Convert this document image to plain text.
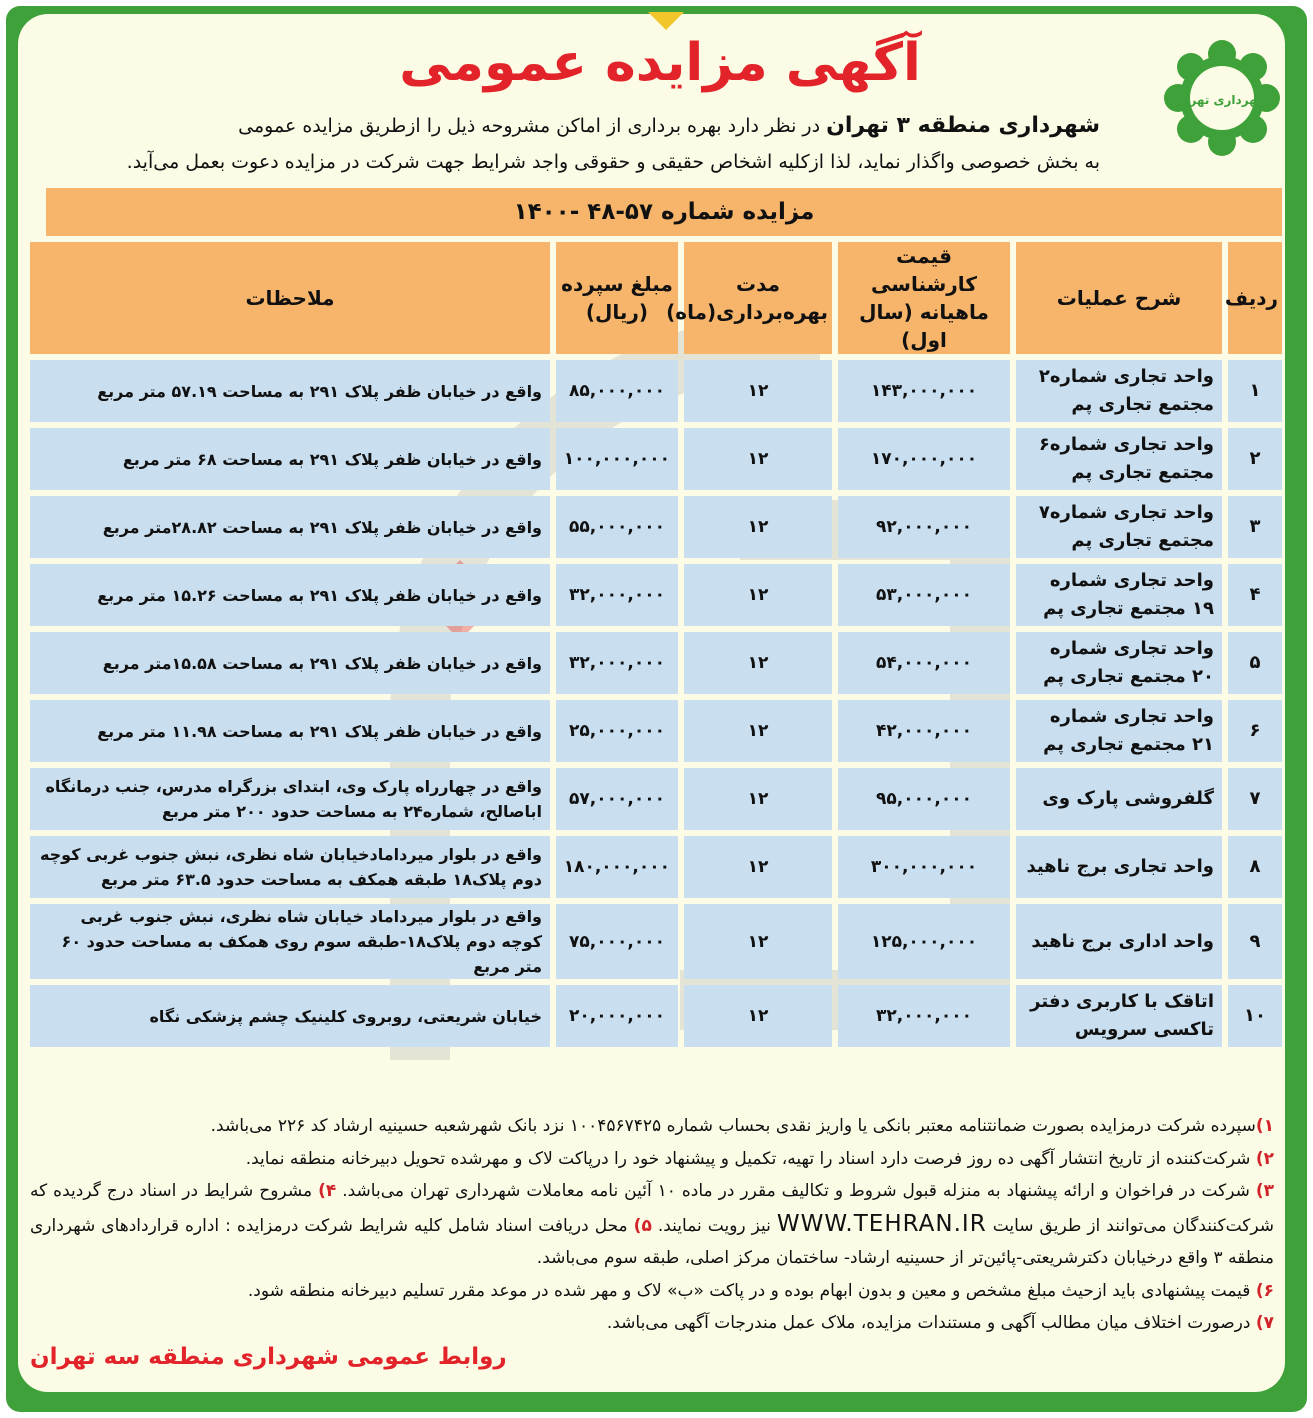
شهرداری تهران
آگهی مزایده عمومی
شهرداری منطقه ۳ تهران در نظر دارد بهره برداری از اماکن مشروحه ذیل را ازطریق مزایده عمومی
به بخش خصوصی واگذار نماید، لذا ازکلیه اشخاص حقیقی و حقوقی واجد شرایط جهت شرکت در مزایده دعوت بعمل می‌آید.
مزایده شماره ۵۷-۴۸ -۱۴۰۰
ردیف	شرح عملیات	قیمت کارشناسی ماهیانه (سال اول)	مدت بهره‌برداری(ماه)	مبلغ سپرده (ریال)	ملاحظات
۱	واحد تجاری شماره۲ مجتمع تجاری پم	۱۴۳,۰۰۰,۰۰۰	۱۲	۸۵,۰۰۰,۰۰۰	واقع در خیابان ظفر پلاک ۲۹۱ به مساحت ۵۷.۱۹ متر مربع
۲	واحد تجاری شماره۶ مجتمع تجاری پم	۱۷۰,۰۰۰,۰۰۰	۱۲	۱۰۰,۰۰۰,۰۰۰	واقع در خیابان ظفر پلاک ۲۹۱ به مساحت ۶۸ متر مربع
۳	واحد تجاری شماره۷ مجتمع تجاری پم	۹۲,۰۰۰,۰۰۰	۱۲	۵۵,۰۰۰,۰۰۰	واقع در خیابان ظفر پلاک ۲۹۱ به مساحت ۲۸.۸۲متر مربع
۴	واحد تجاری شماره ۱۹ مجتمع تجاری پم	۵۳,۰۰۰,۰۰۰	۱۲	۳۲,۰۰۰,۰۰۰	واقع در خیابان ظفر پلاک ۲۹۱ به مساحت ۱۵.۲۶ متر مربع
۵	واحد تجاری شماره ۲۰ مجتمع تجاری پم	۵۴,۰۰۰,۰۰۰	۱۲	۳۲,۰۰۰,۰۰۰	واقع در خیابان ظفر پلاک ۲۹۱ به مساحت ۱۵.۵۸متر مربع
۶	واحد تجاری شماره ۲۱ مجتمع تجاری پم	۴۲,۰۰۰,۰۰۰	۱۲	۲۵,۰۰۰,۰۰۰	واقع در خیابان ظفر پلاک ۲۹۱ به مساحت ۱۱.۹۸ متر مربع
۷	گلفروشی پارک وی	۹۵,۰۰۰,۰۰۰	۱۲	۵۷,۰۰۰,۰۰۰	واقع در چهارراه پارک وی، ابتدای بزرگراه مدرس، جنب درمانگاه اباصالح، شماره۲۴ به مساحت حدود ۲۰۰ متر مربع
۸	واحد تجاری برج ناهید	۳۰۰,۰۰۰,۰۰۰	۱۲	۱۸۰,۰۰۰,۰۰۰	واقع در بلوار میردامادخیابان شاه نظری، نبش جنوب غربی کوچه دوم پلاک۱۸ طبقه همکف به مساحت حدود ۶۳.۵ متر مربع
۹	واحد اداری برج ناهید	۱۲۵,۰۰۰,۰۰۰	۱۲	۷۵,۰۰۰,۰۰۰	واقع در بلوار میرداماد خیابان شاه نظری، نبش جنوب غربی کوچه دوم پلاک۱۸-طبقه سوم روی همکف به مساحت حدود ۶۰ متر مربع
۱۰	اتاقک با کاربری دفتر تاکسی سرویس	۳۲,۰۰۰,۰۰۰	۱۲	۲۰,۰۰۰,۰۰۰	خیابان شریعتی، روبروی کلینیک چشم پزشکی نگاه
۱)سپرده شرکت درمزایده بصورت ضمانتنامه معتبر بانکی یا واریز نقدی بحساب شماره ۱۰۰۴۵۶۷۴۲۵ نزد بانک شهرشعبه حسینیه ارشاد کد ۲۲۶ می‌باشد.
۲) شرکت‌کننده از تاریخ انتشار آگهی ده روز فرصت دارد اسناد را تهیه، تکمیل و پیشنهاد خود را درپاکت لاک و مهرشده تحویل دبیرخانه منطقه نماید.
۳) شرکت در فراخوان و ارائه پیشنهاد به منزله قبول شروط و تکالیف مقرر در ماده ۱۰ آئین نامه معاملات شهرداری تهران می‌باشد. ۴) مشروح شرایط در اسناد درج گردیده که شرکت‌کنندگان می‌توانند از طریق سایت WWW.TEHRAN.IR نیز رویت نمایند. ۵) محل دریافت اسناد شامل کلیه شرایط شرکت درمزایده : اداره قراردادهای شهرداری منطقه ۳ واقع درخیابان دکترشریعتی-پائین‌تر از حسینیه ارشاد- ساختمان مرکز اصلی، طبقه سوم می‌باشد.
۶) قیمت پیشنهادی باید ازحیث مبلغ مشخص و معین و بدون ابهام بوده و در پاکت «ب» لاک و مهر شده در موعد مقرر تسلیم دبیرخانه منطقه شود.
۷) درصورت اختلاف میان مطالب آگهی و مستندات مزایده، ملاک عمل مندرجات آگهی می‌باشد.
روابط عمومی شهرداری منطقه سه تهران
